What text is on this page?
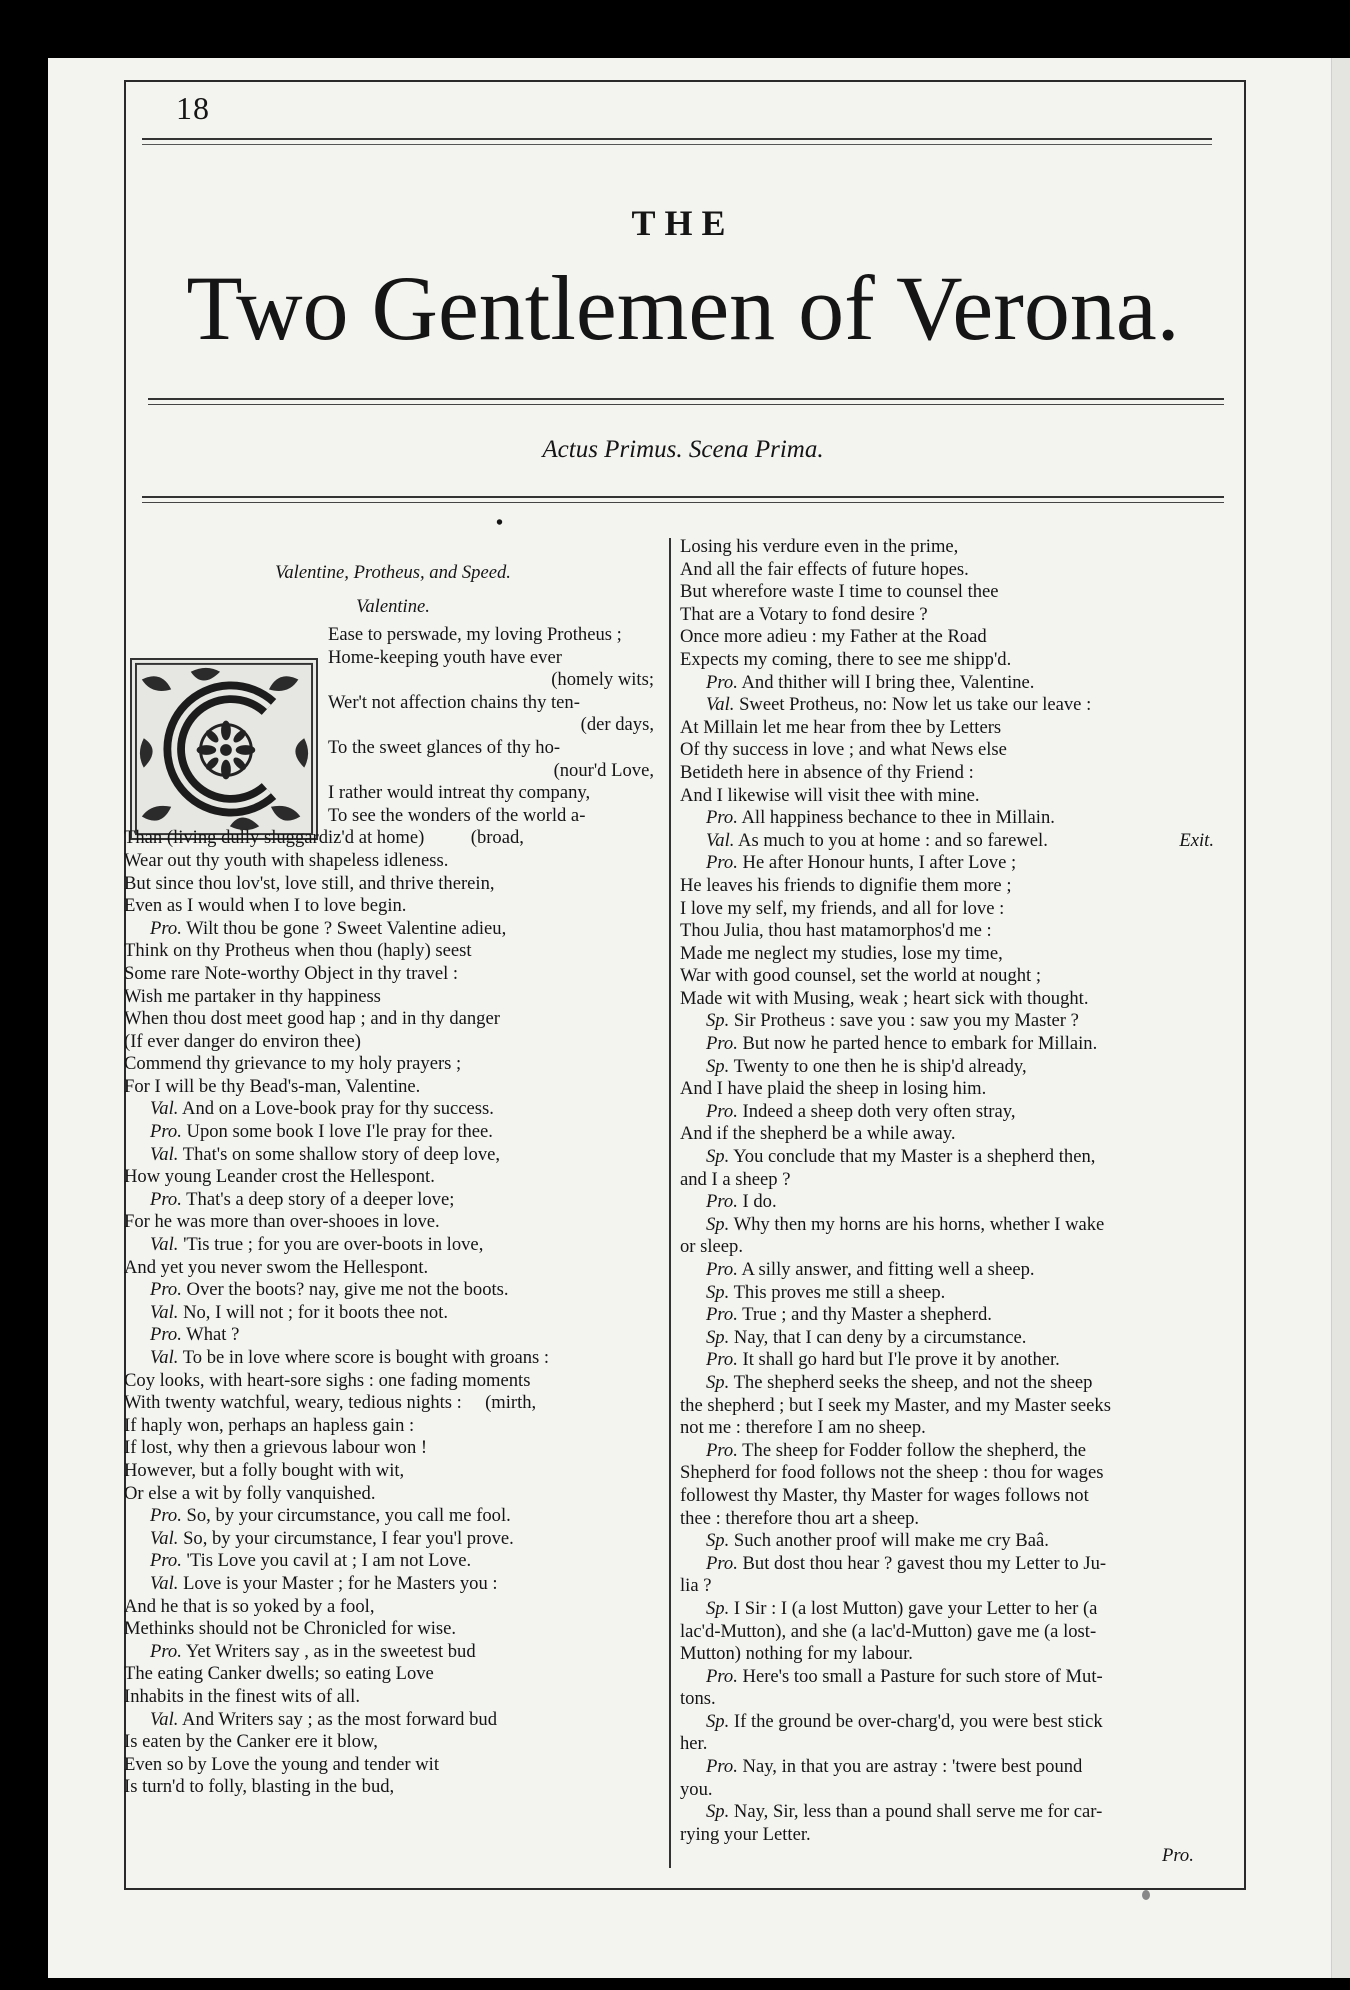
18
THE
Two Gentlemen of Verona.
Actus Primus. Scena Prima.
•
Valentine, Protheus, and Speed.
Valentine.
Ease to perswade, my loving Protheus ;
Home-keeping youth have ever
(homely wits;
Wer't not affection chains thy ten-
(der days,
To the sweet glances of thy ho-
(nour'd Love,
I rather would intreat thy company,
To see the wonders of the world a-
Than (living dully sluggardiz'd at home)          (broad,
Wear out thy youth with shapeless idleness.
But since thou lov'st, love still, and thrive therein,
Even as I would when I to love begin.
Pro. Wilt thou be gone ? Sweet Valentine adieu,
Think on thy Protheus when thou (haply) seest
Some rare Note-worthy Object in thy travel :
Wish me partaker in thy happiness
When thou dost meet good hap ; and in thy danger
(If ever danger do environ thee)
Commend thy grievance to my holy prayers ;
For I will be thy Bead's-man, Valentine.
Val. And on a Love-book pray for thy success.
Pro. Upon some book I love I'le pray for thee.
Val. That's on some shallow story of deep love,
How young Leander crost the Hellespont.
Pro. That's a deep story of a deeper love;
For he was more than over-shooes in love.
Val. 'Tis true ; for you are over-boots in love,
And yet you never swom the Hellespont.
Pro. Over the boots? nay, give me not the boots.
Val. No, I will not ; for it boots thee not.
Pro. What ?
Val. To be in love where score is bought with groans :
Coy looks, with heart-sore sighs : one fading moments
With twenty watchful, weary, tedious nights :     (mirth,
If haply won, perhaps an hapless gain :
If lost, why then a grievous labour won !
However, but a folly bought with wit,
Or else a wit by folly vanquished.
Pro. So, by your circumstance, you call me fool.
Val. So, by your circumstance, I fear you'l prove.
Pro. 'Tis Love you cavil at ; I am not Love.
Val. Love is your Master ; for he Masters you :
And he that is so yoked by a fool,
Methinks should not be Chronicled for wise.
Pro. Yet Writers say , as in the sweetest bud
The eating Canker dwells; so eating Love
Inhabits in the finest wits of all.
Val. And Writers say ; as the most forward bud
Is eaten by the Canker ere it blow,
Even so by Love the young and tender wit
Is turn'd to folly, blasting in the bud,
Losing his verdure even in the prime,
And all the fair effects of future hopes.
But wherefore waste I time to counsel thee
That are a Votary to fond desire ?
Once more adieu : my Father at the Road
Expects my coming, there to see me shipp'd.
Pro. And thither will I bring thee, Valentine.
Val. Sweet Protheus, no: Now let us take our leave :
At Millain let me hear from thee by Letters
Of thy success in love ; and what News else
Betideth here in absence of thy Friend :
And I likewise will visit thee with mine.
Pro. All happiness bechance to thee in Millain.
Val. As much to you at home : and so farewel.	Exit.
Pro. He after Honour hunts, I after Love ;
He leaves his friends to dignifie them more ;
I love my self, my friends, and all for love :
Thou Julia, thou hast matamorphos'd me :
Made me neglect my studies, lose my time,
War with good counsel, set the world at nought ;
Made wit with Musing, weak ; heart sick with thought.
Sp. Sir Protheus : save you : saw you my Master ?
Pro. But now he parted hence to embark for Millain.
Sp. Twenty to one then he is ship'd already,
And I have plaid the sheep in losing him.
Pro. Indeed a sheep doth very often stray,
And if the shepherd be a while away.
Sp. You conclude that my Master is a shepherd then,
and I a sheep ?
Pro. I do.
Sp. Why then my horns are his horns, whether I wake
or sleep.
Pro. A silly answer, and fitting well a sheep.
Sp. This proves me still a sheep.
Pro. True ; and thy Master a shepherd.
Sp. Nay, that I can deny by a circumstance.
Pro. It shall go hard but I'le prove it by another.
Sp. The shepherd seeks the sheep, and not the sheep
the shepherd ; but I seek my Master, and my Master seeks
not me : therefore I am no sheep.
Pro. The sheep for Fodder follow the shepherd, the
Shepherd for food follows not the sheep : thou for wages
followest thy Master, thy Master for wages follows not
thee : therefore thou art a sheep.
Sp. Such another proof will make me cry Baâ.
Pro. But dost thou hear ? gavest thou my Letter to Ju-
lia ?
Sp. I Sir : I (a lost Mutton) gave your Letter to her (a
lac'd-Mutton), and she (a lac'd-Mutton) gave me (a lost-
Mutton) nothing for my labour.
Pro. Here's too small a Pasture for such store of Mut-
tons.
Sp. If the ground be over-charg'd, you were best stick
her.
Pro. Nay, in that you are astray : 'twere best pound
you.
Sp. Nay, Sir, less than a pound shall serve me for car-
rying your Letter.
Pro.
